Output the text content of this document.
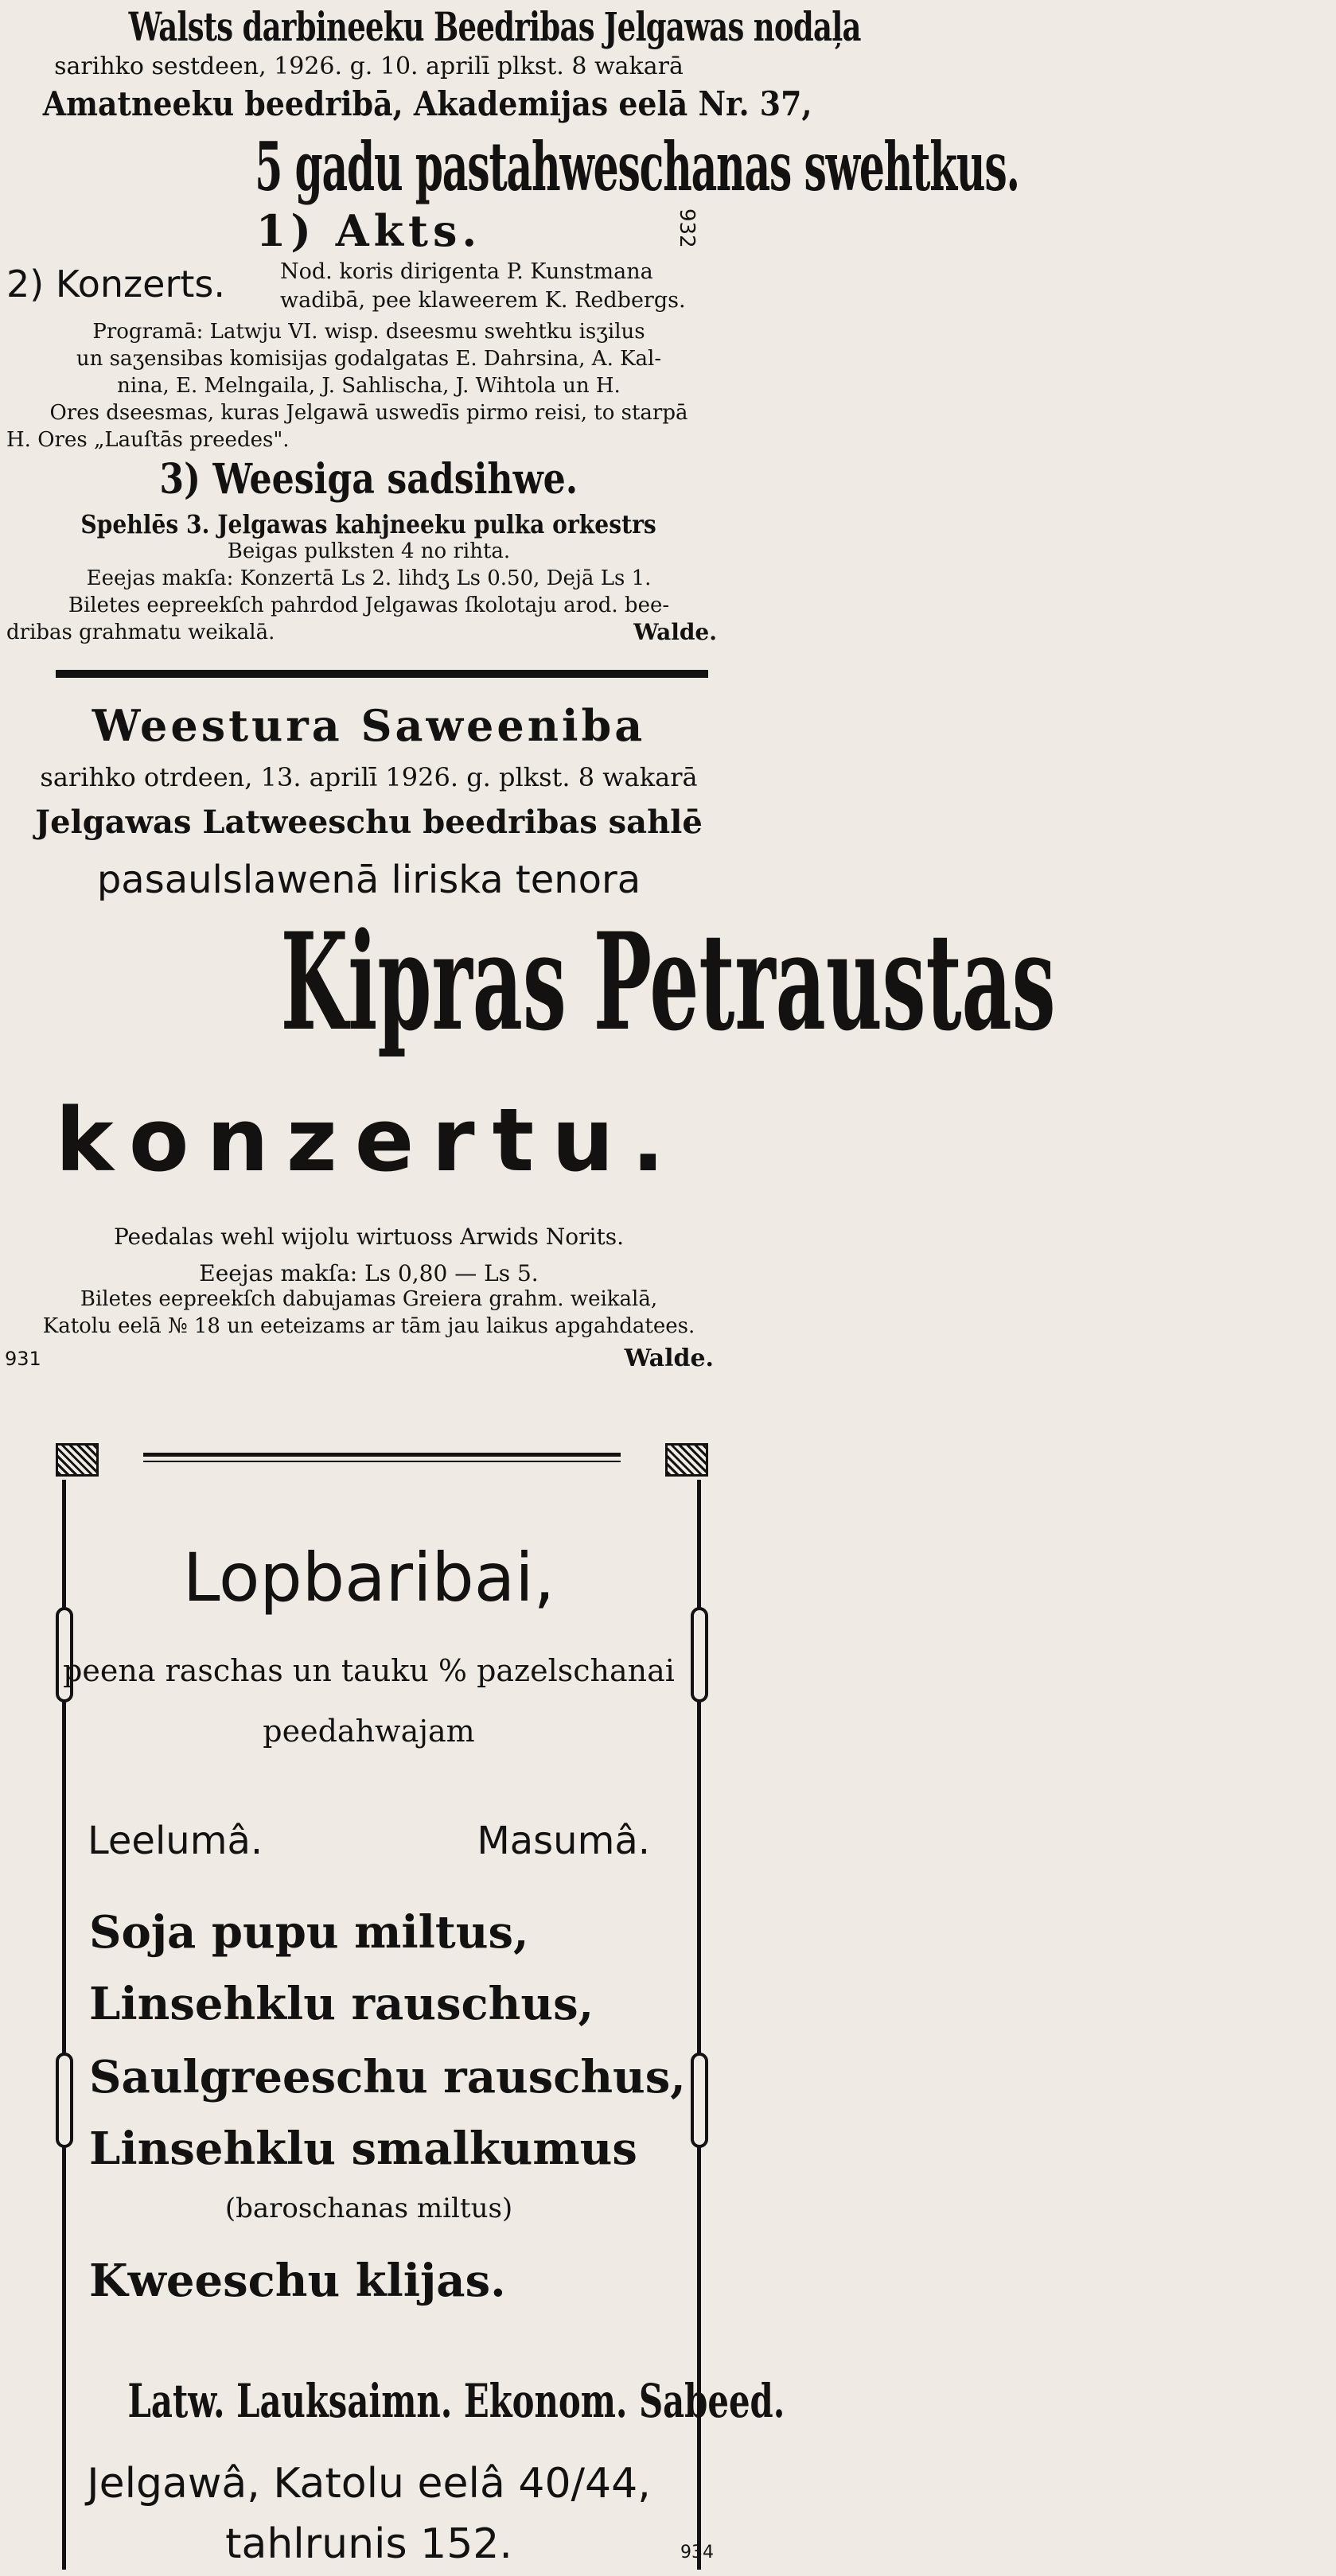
Walsts darbineeku Beedribas Jelgawas nodaļa
sarihko sestdeen, 1926. g. 10. aprilī plkst. 8 wakarā
Amatneeku beedribā, Akademijas eelā Nr. 37,
5 gadu pastahweschanas swehtkus.
1) Akts.	932
2) Konzerts.	Nod. koris dirigenta P. Kunstmana
wadibā, pee klaweerem K. Redbergs.
Programā: Latwju VI. wisp. dseesmu swehtku isʒilus
un saʒensibas komisijas godalgatas E. Dahrsina, A. Kal-
nina, E. Melngaila, J. Sahlischa, J. Wihtola un H.
Ores dseesmas, kuras Jelgawā uswedīs pirmo reisi, to starpā
H. Ores „Lauſtās preedes".
3) Weesiga sadsihwe.
Spehlēs 3. Jelgawas kahjneeku pulka orkestrs
Beigas pulksten 4 no rihta.
Eeejas makſa: Konzertā Ls 2. lihdʒ Ls 0.50, Dejā Ls 1.
Biletes eepreekſch pahrdod Jelgawas ſkolotaju arod. bee-
dribas grahmatu weikalā.	Walde.
Weestura Saweeniba
sarihko otrdeen, 13. aprilī 1926. g. plkst. 8 wakarā
Jelgawas Latweeschu beedribas sahlē
pasaulslawenā liriska tenora
Kipras Petraustas
konzertu.
Peedalas wehl wijolu wirtuoss Arwids Norits.
Eeejas makſa: Ls 0,80 — Ls 5.
Biletes eepreekſch dabujamas Greiera grahm. weikalā,
Katolu eelā № 18 un eeteizams ar tām jau laikus apgahdatees.
931	Walde.
Lopbaribai,
peena raschas un tauku % pazelschanai
peedahwajam
Leelumâ.	Masumâ.
Soja pupu miltus,
Linsehklu rauschus,
Saulgreeschu rauschus,
Linsehklu smalkumus
(baroschanas miltus)
Kweeschu klijas.
Latw. Lauksaimn. Ekonom. Sabeed.
Jelgawâ, Katolu eelâ 40/44,
tahlrunis 152.	934
